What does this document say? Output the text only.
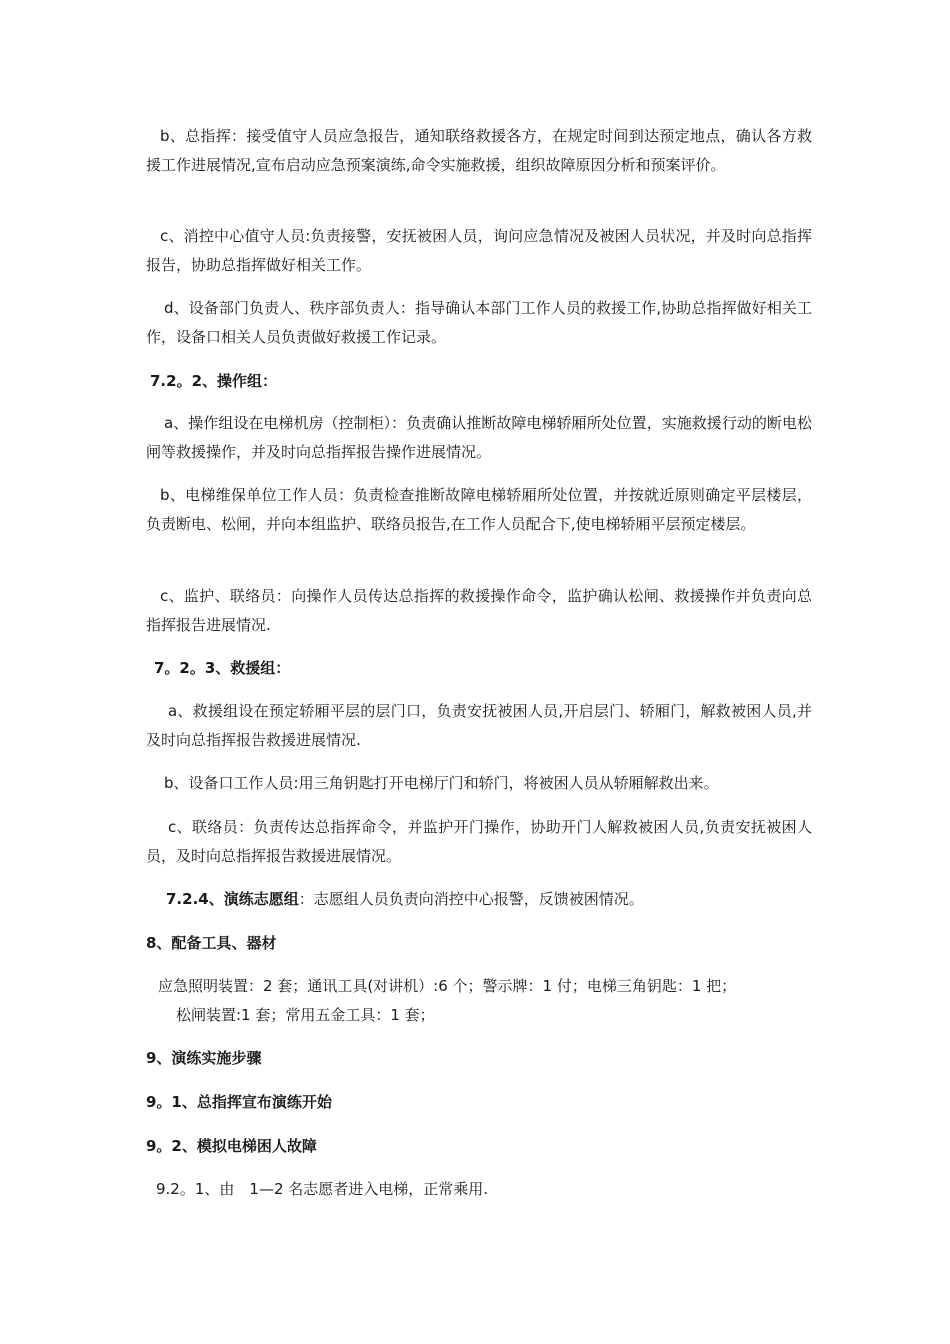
b、总指挥：接受值守人员应急报告，通知联络救援各方，在规定时间到达预定地点，确认各方救援工作进展情况,宣布启动应急预案演练,命令实施救援，组织故障原因分析和预案评价。

c、消控中心值守人员:负责接警，安抚被困人员，询问应急情况及被困人员状况，并及时向总指挥报告，协助总指挥做好相关工作。

d、设备部门负责人、秩序部负责人：指导确认本部门工作人员的救援工作,协助总指挥做好相关工作，设备口相关人员负责做好救援工作记录。

7.2。2、操作组：

a、操作组设在电梯机房（控制柜）：负责确认推断故障电梯轿厢所处位置，实施救援行动的断电松闸等救援操作，并及时向总指挥报告操作进展情况。

b、电梯维保单位工作人员：负责检查推断故障电梯轿厢所处位置，并按就近原则确定平层楼层，负责断电、松闸，并向本组监护、联络员报告,在工作人员配合下,使电梯轿厢平层预定楼层。

c、监护、联络员：向操作人员传达总指挥的救援操作命令，监护确认松闸、救援操作并负责向总指挥报告进展情况.

7。2。3、救援组：

a、救援组设在预定轿厢平层的层门口，负责安抚被困人员,开启层门、轿厢门，解救被困人员,并及时向总指挥报告救援进展情况.

b、设备口工作人员:用三角钥匙打开电梯厅门和轿门，将被困人员从轿厢解救出来。

c、联络员：负责传达总指挥命令，并监护开门操作，协助开门人解救被困人员,负责安抚被困人员，及时向总指挥报告救援进展情况。

7.2.4、演练志愿组：志愿组人员负责向消控中心报警，反馈被困情况。

8、配备工具、器材

应急照明装置：2 套；通讯工具(对讲机）:6 个；警示牌：1 付；电梯三角钥匙：1 把；
松闸装置:1 套；常用五金工具：1 套；

9、演练实施步骤

9。1、总指挥宣布演练开始

9。2、模拟电梯困人故障

9.2。1、由　1—2 名志愿者进入电梯，正常乘用.
